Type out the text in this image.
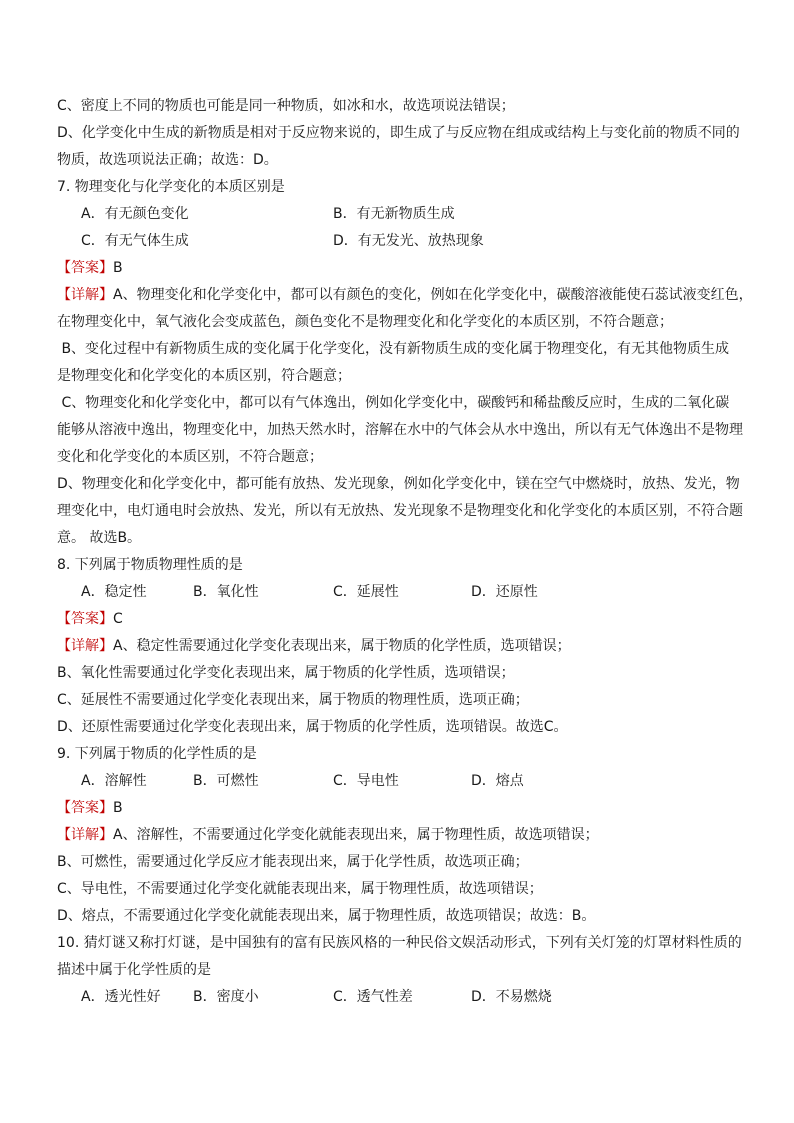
C、密度上不同的物质也可能是同一种物质，如冰和水，故选项说法错误；
D、化学变化中生成的新物质是相对于反应物来说的，即生成了与反应物在组成或结构上与变化前的物质不同的
物质，故选项说法正确；故选：D。
7. 物理变化与化学变化的本质区别是
A．有无颜色变化	B．有无新物质生成
C．有无气体生成	D．有无发光、放热现象
【答案】B
【详解】A、物理变化和化学变化中，都可以有颜色的变化，例如在化学变化中，碳酸溶液能使石蕊试液变红色，
在物理变化中，氧气液化会变成蓝色，颜色变化不是物理变化和化学变化的本质区别，不符合题意；
B、变化过程中有新物质生成的变化属于化学变化，没有新物质生成的变化属于物理变化，有无其他物质生成
是物理变化和化学变化的本质区别，符合题意；
C、物理变化和化学变化中，都可以有气体逸出，例如化学变化中，碳酸钙和稀盐酸反应时，生成的二氧化碳
能够从溶液中逸出，物理变化中，加热天然水时，溶解在水中的气体会从水中逸出，所以有无气体逸出不是物理
变化和化学变化的本质区别，不符合题意；
D、物理变化和化学变化中，都可能有放热、发光现象，例如化学变化中，镁在空气中燃烧时，放热、发光，物
理变化中，电灯通电时会放热、发光，所以有无放热、发光现象不是物理变化和化学变化的本质区别，不符合题
意。 故选B。
8. 下列属于物质物理性质的是
A．稳定性	B．氧化性	C．延展性	D．还原性
【答案】C
【详解】A、稳定性需要通过化学变化表现出来，属于物质的化学性质，选项错误；
B、氧化性需要通过化学变化表现出来，属于物质的化学性质，选项错误；
C、延展性不需要通过化学变化表现出来，属于物质的物理性质，选项正确；
D、还原性需要通过化学变化表现出来，属于物质的化学性质，选项错误。故选C。
9. 下列属于物质的化学性质的是
A．溶解性	B．可燃性	C．导电性	D．熔点
【答案】B
【详解】A、溶解性，不需要通过化学变化就能表现出来，属于物理性质，故选项错误；
B、可燃性，需要通过化学反应才能表现出来，属于化学性质，故选项正确；
C、导电性，不需要通过化学变化就能表现出来，属于物理性质，故选项错误；
D、熔点，不需要通过化学变化就能表现出来，属于物理性质，故选项错误；故选：B。
10. 猜灯谜又称打灯谜，是中国独有的富有民族风格的一种民俗文娱活动形式，下列有关灯笼的灯罩材料性质的
描述中属于化学性质的是
A．透光性好	B．密度小	C．透气性差	D．不易燃烧
